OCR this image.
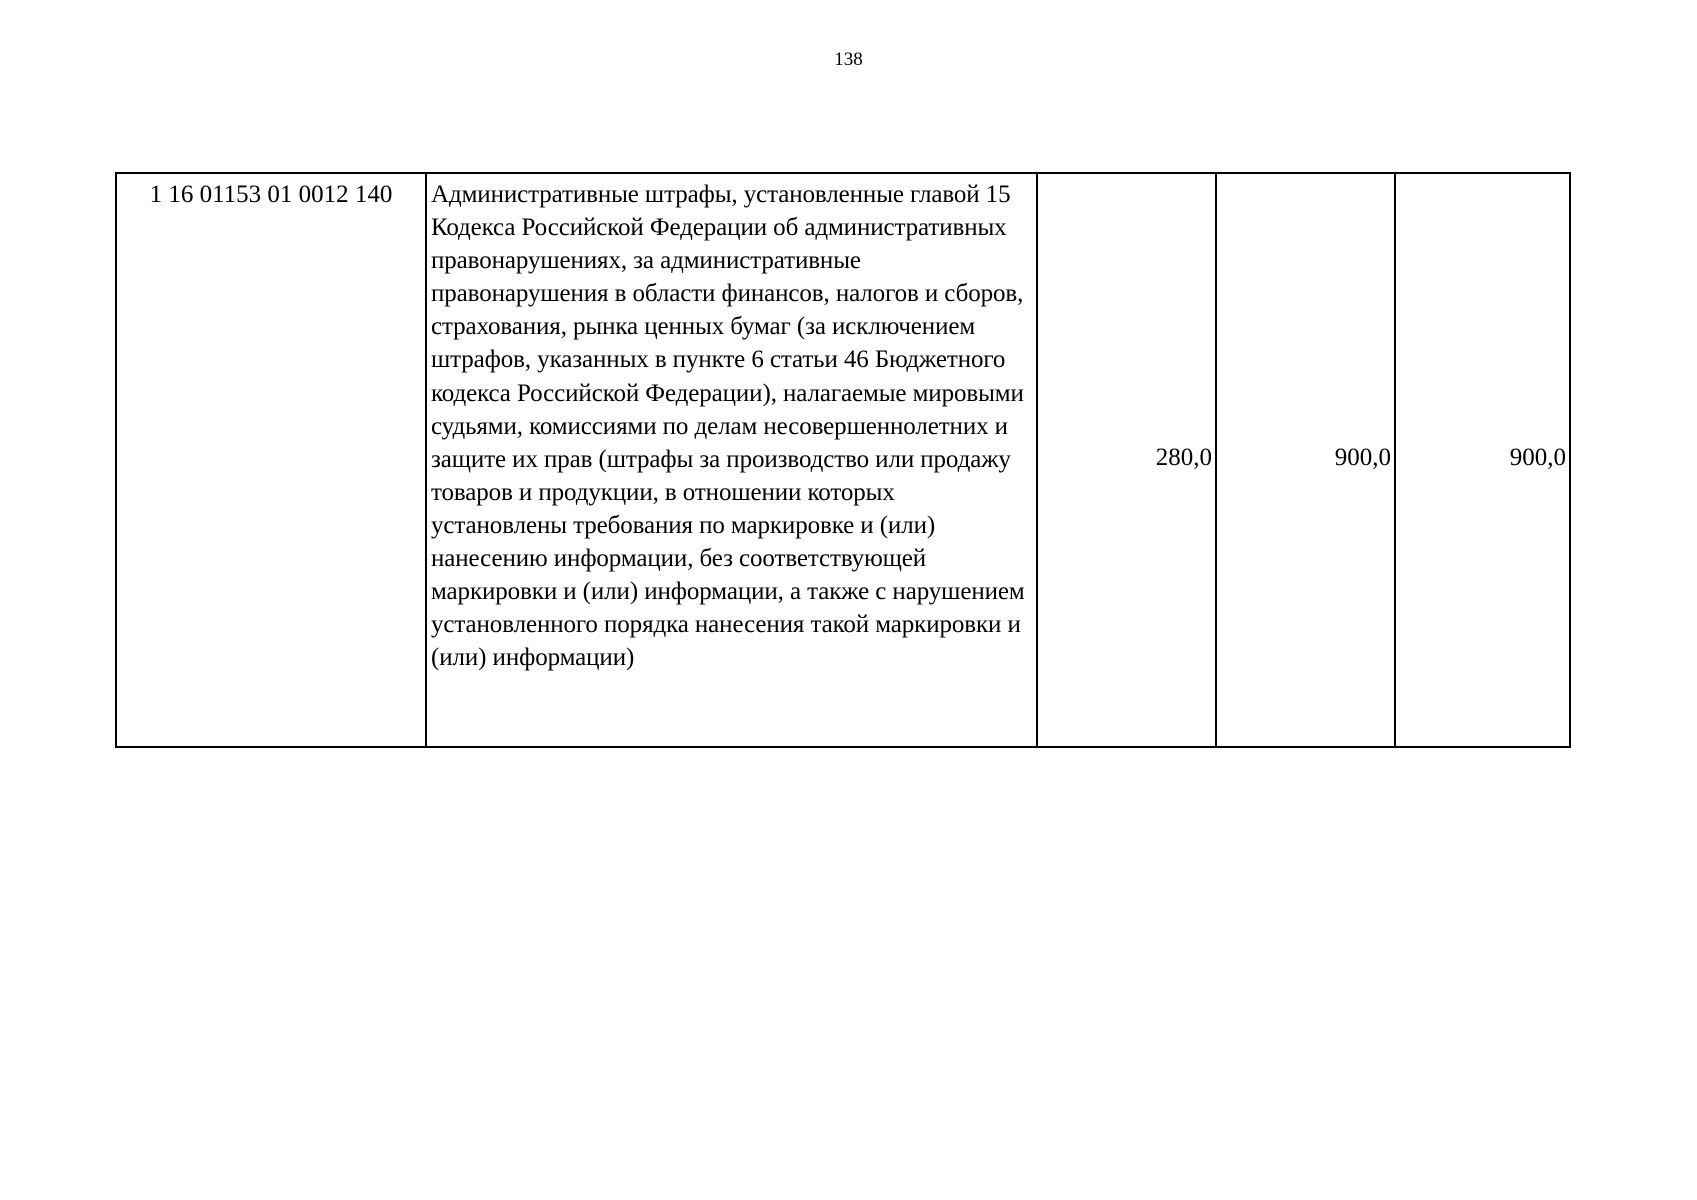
138
1 16 01153 01 0012 140	Административные штрафы, установленные главой 15 Кодекса Российской Федерации об административных правонарушениях, за административные правонарушения в области финансов, налогов и сборов, страхования, рынка ценных бумаг (за исключением штрафов, указанных в пункте 6 статьи 46 Бюджетного кодекса Российской Федерации), налагаемые мировыми судьями, комиссиями по делам несовершеннолетних и защите их прав (штрафы за производство или продажу товаров и продукции, в отношении которых установлены требования по маркировке и (или) нанесению информации, без соответствующей маркировки и (или) информации, а также с нарушением установленного порядка нанесения такой маркировки и (или) информации)	280,0	900,0	900,0
